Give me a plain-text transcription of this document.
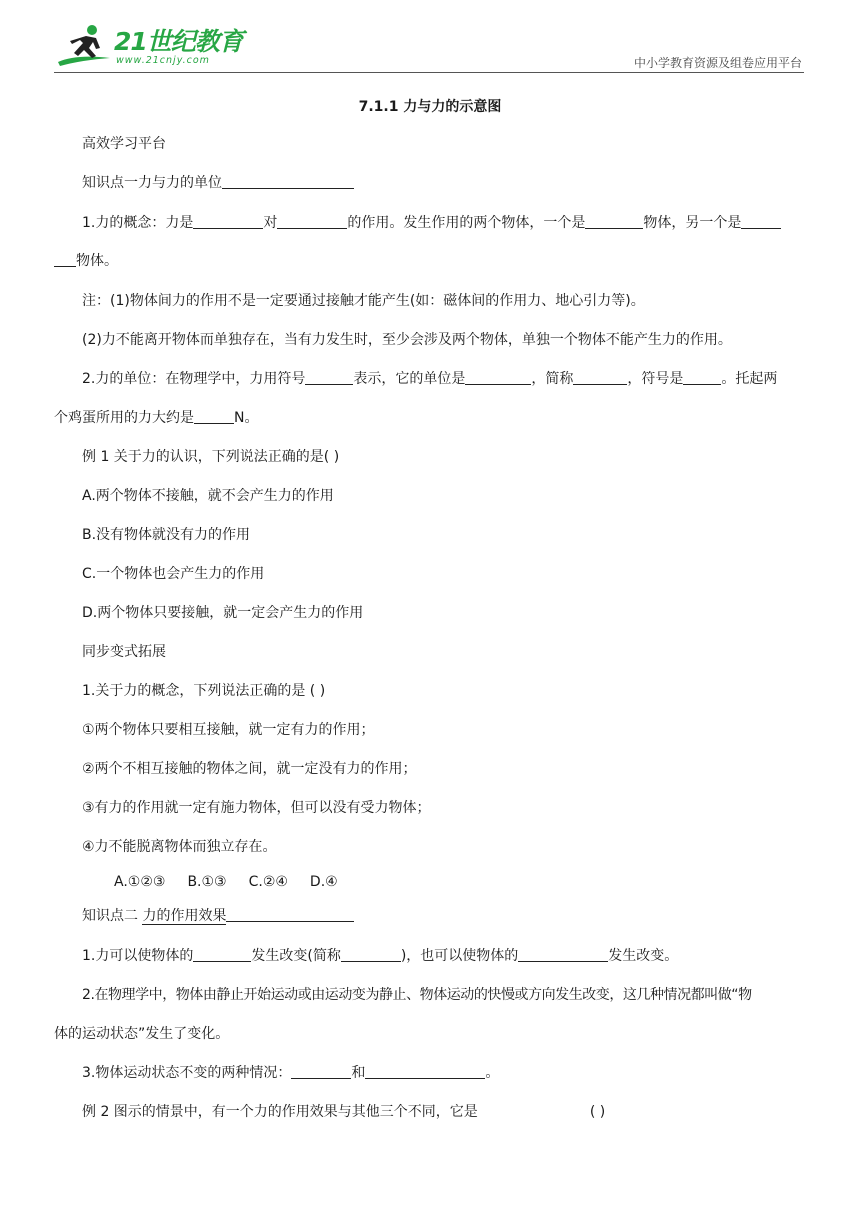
21世纪教育
www.21cnjy.com	中小学教育资源及组卷应用平台
7.1.1 力与力的示意图
高效学习平台
知识点一力与力的单位
1.力的概念：力是	对	的作用。发生作用的两个物体，一个是	物体，另一个是
物体。
注：(1)物体间力的作用不是一定要通过接触才能产生(如：磁体间的作用力、地心引力等)。
(2)力不能离开物体而单独存在，当有力发生时，至少会涉及两个物体，单独一个物体不能产生力的作用。
2.力的单位：在物理学中，力用符号	表示，它的单位是	，简称	，符号是	。托起两
个鸡蛋所用的力大约是	N。
例 1 关于力的认识，下列说法正确的是( )
A.两个物体不接触，就不会产生力的作用
B.没有物体就没有力的作用
C.一个物体也会产生力的作用
D.两个物体只要接触，就一定会产生力的作用
同步变式拓展
1.关于力的概念，下列说法正确的是 ( )
①两个物体只要相互接触，就一定有力的作用；
②两个不相互接触的物体之间，就一定没有力的作用；
③有力的作用就一定有施力物体，但可以没有受力物体；
④力不能脱离物体而独立存在。
A.①②③ B.①③ C.②④ D.④
知识点二 力的作用效果
1.力可以使物体的	发生改变(简称	)，也可以使物体的	发生改变。
2.在物理学中，物体由静止开始运动或由运动变为静止、物体运动的快慢或方向发生改变，这几种情况都叫做“物
体的运动状态”发生了变化。
3.物体运动状态不变的两种情况：	和	。
例 2 图示的情景中，有一个力的作用效果与其他三个不同，它是	( )
